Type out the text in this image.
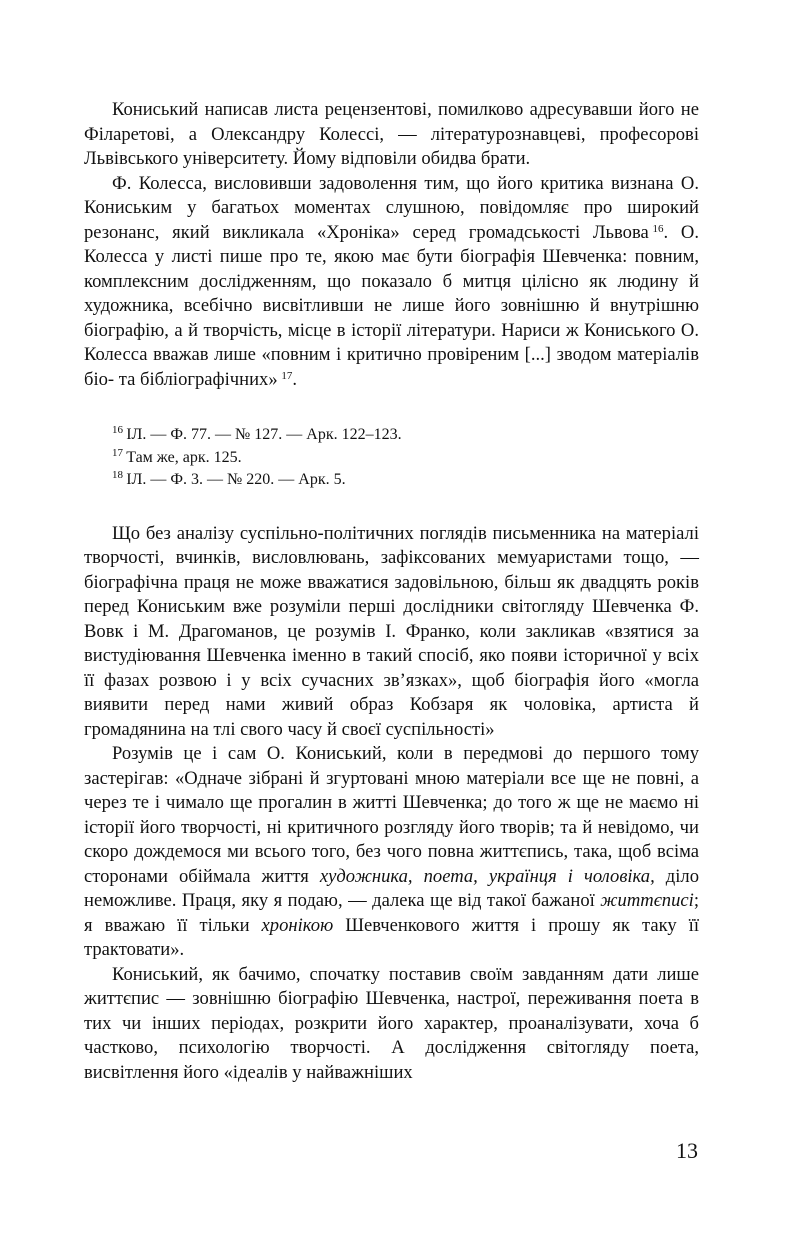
Кониський написав листа рецензентові, помилково адресувавши його не Філаретові, а Олександру Колессі, — літературознавцеві, професорові Львівського університету. Йому відповіли обидва брати.

Ф. Колесса, висловивши задоволення тим, що його критика визнана О. Кониським у багатьох моментах слушною, повідомляє про широкий резонанс, який викликала «Хроніка» серед громадськості Львова  $^{16}$. О. Колесса у листі пише про те, якою має бути біографія Шевченка: повним, комплексним дослідженням, що показало б митця цілісно як людину й художника, всебічно висвітливши не лише його зовнішню й внутрішню біографію, а й творчість, місце в історії літератури. Нариси ж Кониського О. Колесса вважав лише «повним і критично провіреним [...] зводом матеріалів біо- та бібліографічних»  $^{17}$.

$^{16}$  ІЛ. — Ф. 77. — № 127. — Арк. 122–123.

$^{17}$  Там же, арк. 125.

$^{18}$  ІЛ. — Ф. 3. — № 220. — Арк. 5.

Що без аналізу суспільно-політичних поглядів письменника на матеріалі творчості, вчинків, висловлювань, зафіксованих мемуаристами тощо, — біографічна праця не може вважатися задовільною, більш як двадцять років перед Кониським вже розуміли перші дослідники світогляду Шевченка Ф. Вовк і М. Драгоманов, це розумів І. Франко, коли закликав «взятися за вистудіювання Шевченка іменно в такий спосіб, яко появи історичної у всіх її фазах розвою і у всіх сучасних зв’язках», щоб біографія його «могла виявити перед нами живий образ Кобзаря як чоловіка, артиста й громадянина на тлі свого часу й своєї суспільності»

Розумів це і сам О. Кониський, коли в передмові до першого тому застерігав: «Одначе зібрані й згуртовані мною матеріали все ще не повні, а через те і чимало ще прогалин в житті Шевченка; до того ж ще не маємо ні історії його творчості, ні критичного розгляду його творів; та й невідомо, чи скоро дождемося ми всього того, без чого повна життєпись, така, щоб всіма сторонами обіймала життя художника, поета, українця і чоловіка, діло неможливе. Праця, яку я подаю, — далека ще від такої бажаної життєписі; я вважаю її тільки хронікою Шевченкового життя і прошу як таку її трактовати».

Кониський, як бачимо, спочатку поставив своїм завданням дати лише життєпис — зовнішню біографію Шевченка, настрої, переживання поета в тих чи інших періодах, розкрити його характер, проаналізувати, хоча б частково, психологію творчості. А дослідження світогляду поета, висвітлення його «ідеалів у найважніших

13
